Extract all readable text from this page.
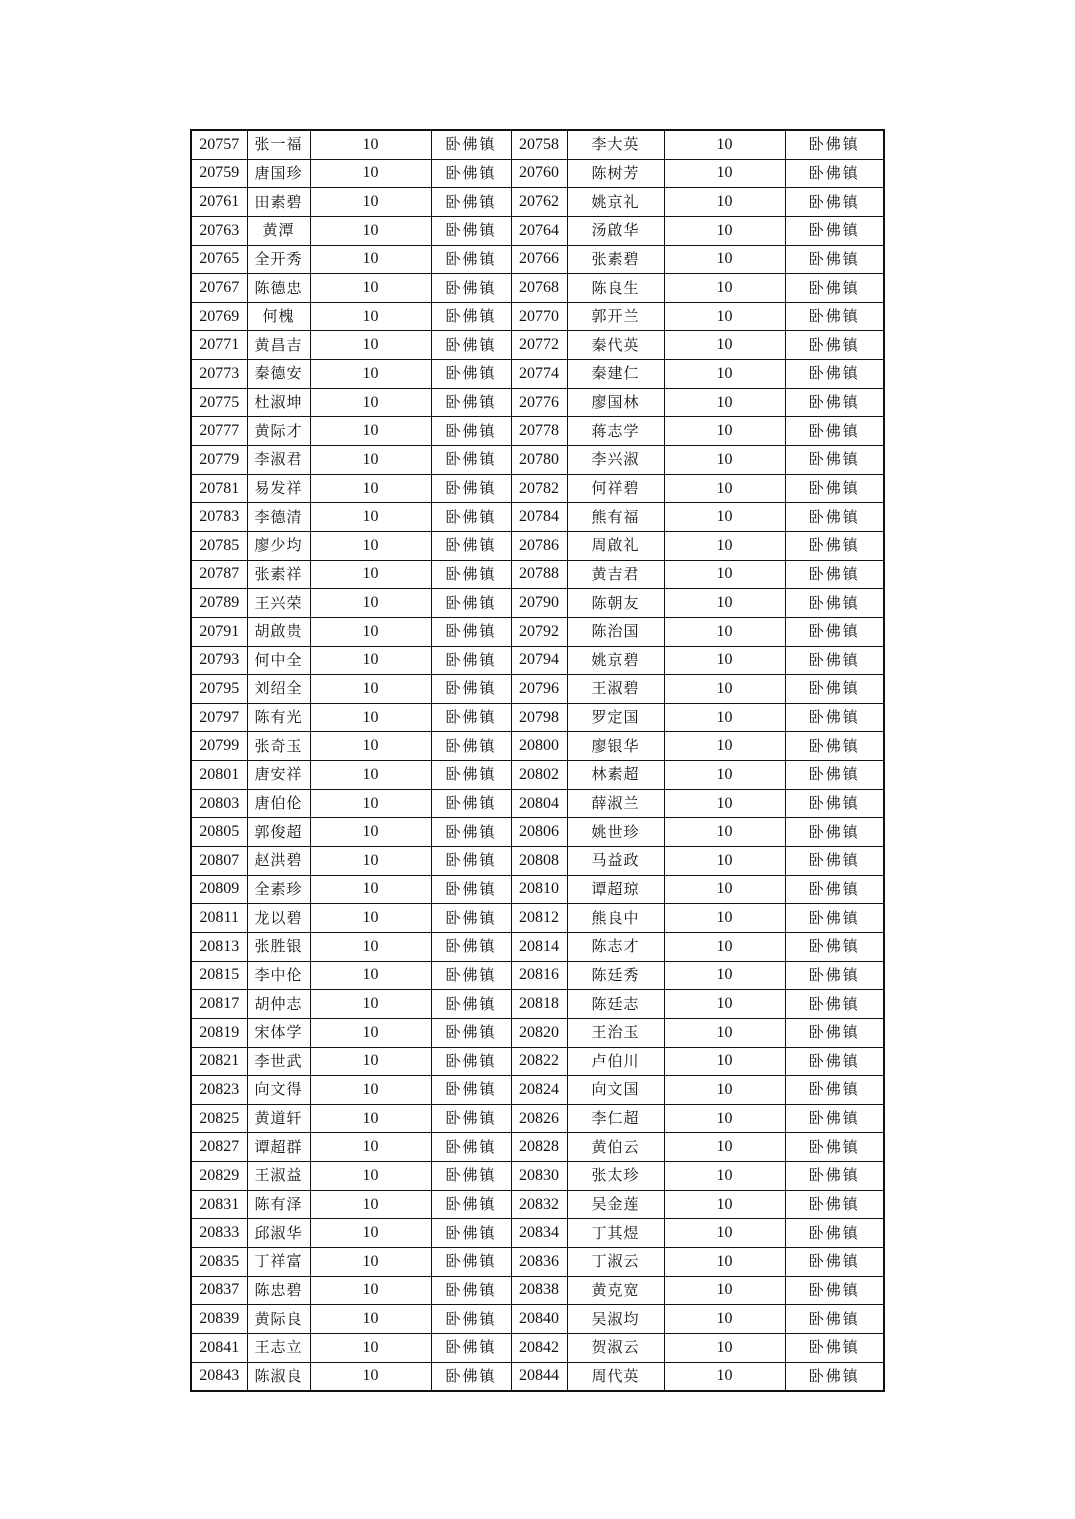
20757	张一福	10	卧佛镇	20758	李大英	10	卧佛镇
20759	唐国珍	10	卧佛镇	20760	陈树芳	10	卧佛镇
20761	田素碧	10	卧佛镇	20762	姚京礼	10	卧佛镇
20763	黄潭	10	卧佛镇	20764	汤啟华	10	卧佛镇
20765	全开秀	10	卧佛镇	20766	张素碧	10	卧佛镇
20767	陈德忠	10	卧佛镇	20768	陈良生	10	卧佛镇
20769	何槐	10	卧佛镇	20770	郭开兰	10	卧佛镇
20771	黄昌吉	10	卧佛镇	20772	秦代英	10	卧佛镇
20773	秦德安	10	卧佛镇	20774	秦建仁	10	卧佛镇
20775	杜淑坤	10	卧佛镇	20776	廖国林	10	卧佛镇
20777	黄际才	10	卧佛镇	20778	蒋志学	10	卧佛镇
20779	李淑君	10	卧佛镇	20780	李兴淑	10	卧佛镇
20781	易发祥	10	卧佛镇	20782	何祥碧	10	卧佛镇
20783	李德清	10	卧佛镇	20784	熊有福	10	卧佛镇
20785	廖少均	10	卧佛镇	20786	周啟礼	10	卧佛镇
20787	张素祥	10	卧佛镇	20788	黄吉君	10	卧佛镇
20789	王兴荣	10	卧佛镇	20790	陈朝友	10	卧佛镇
20791	胡啟贵	10	卧佛镇	20792	陈治国	10	卧佛镇
20793	何中全	10	卧佛镇	20794	姚京碧	10	卧佛镇
20795	刘绍全	10	卧佛镇	20796	王淑碧	10	卧佛镇
20797	陈有光	10	卧佛镇	20798	罗定国	10	卧佛镇
20799	张奇玉	10	卧佛镇	20800	廖银华	10	卧佛镇
20801	唐安祥	10	卧佛镇	20802	林素超	10	卧佛镇
20803	唐伯伦	10	卧佛镇	20804	薛淑兰	10	卧佛镇
20805	郭俊超	10	卧佛镇	20806	姚世珍	10	卧佛镇
20807	赵洪碧	10	卧佛镇	20808	马益政	10	卧佛镇
20809	全素珍	10	卧佛镇	20810	谭超琼	10	卧佛镇
20811	龙以碧	10	卧佛镇	20812	熊良中	10	卧佛镇
20813	张胜银	10	卧佛镇	20814	陈志才	10	卧佛镇
20815	李中伦	10	卧佛镇	20816	陈廷秀	10	卧佛镇
20817	胡仲志	10	卧佛镇	20818	陈廷志	10	卧佛镇
20819	宋体学	10	卧佛镇	20820	王治玉	10	卧佛镇
20821	李世武	10	卧佛镇	20822	卢伯川	10	卧佛镇
20823	向文得	10	卧佛镇	20824	向文国	10	卧佛镇
20825	黄道轩	10	卧佛镇	20826	李仁超	10	卧佛镇
20827	谭超群	10	卧佛镇	20828	黄伯云	10	卧佛镇
20829	王淑益	10	卧佛镇	20830	张太珍	10	卧佛镇
20831	陈有泽	10	卧佛镇	20832	吴金莲	10	卧佛镇
20833	邱淑华	10	卧佛镇	20834	丁其煜	10	卧佛镇
20835	丁祥富	10	卧佛镇	20836	丁淑云	10	卧佛镇
20837	陈忠碧	10	卧佛镇	20838	黄克宽	10	卧佛镇
20839	黄际良	10	卧佛镇	20840	吴淑均	10	卧佛镇
20841	王志立	10	卧佛镇	20842	贺淑云	10	卧佛镇
20843	陈淑良	10	卧佛镇	20844	周代英	10	卧佛镇
